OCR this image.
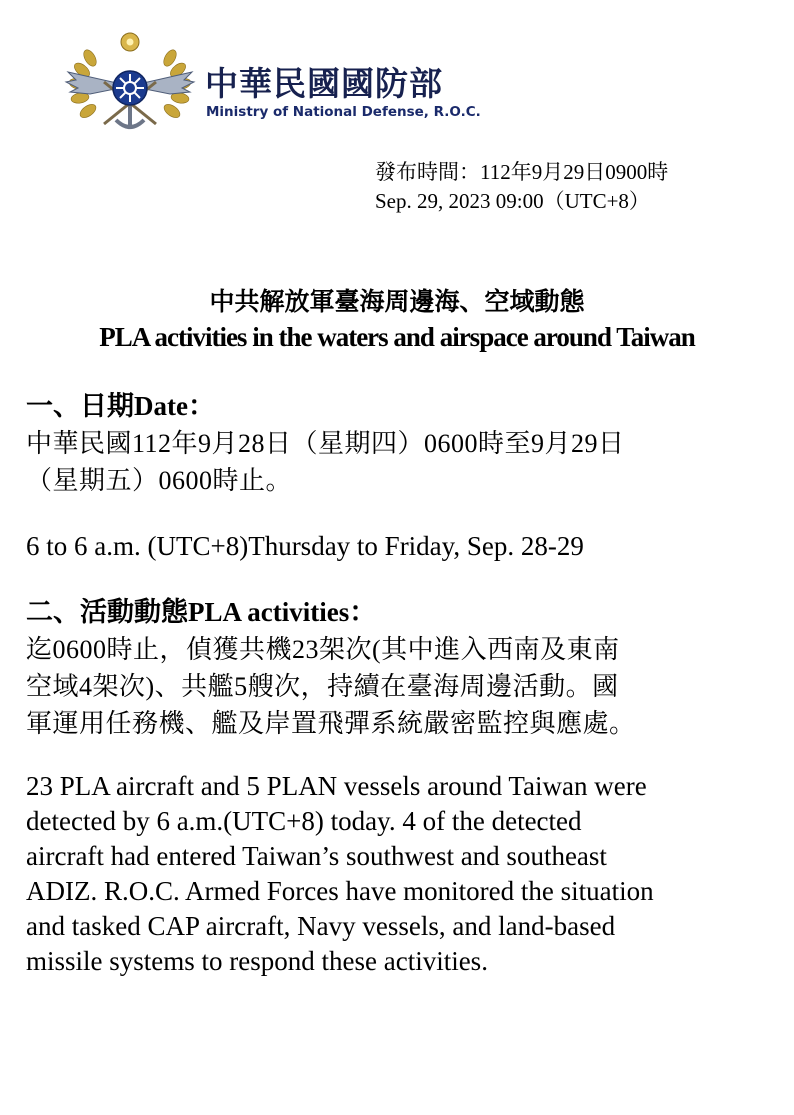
中華民國國防部
Ministry of National Defense, R.O.C.
發布時間：112年9月29日0900時
Sep. 29, 2023 09:00（UTC+8）
中共解放軍臺海周邊海、空域動態
PLA activities in the waters and airspace around Taiwan
一、日期Date：
中華民國112年9月28日（星期四）0600時至9月29日
（星期五）0600時止。
6 to 6 a.m. (UTC+8)Thursday to Friday, Sep. 28-29
二、活動動態PLA activities：
迄0600時止，偵獲共機23架次(其中進入西南及東南
空域4架次)、共艦5艘次，持續在臺海周邊活動。國
軍運用任務機、艦及岸置飛彈系統嚴密監控與應處。
23 PLA aircraft and 5 PLAN vessels around Taiwan were
detected by 6 a.m.(UTC+8) today. 4 of the detected
aircraft had entered Taiwan’s southwest and southeast
ADIZ. R.O.C. Armed Forces have monitored the situation
and tasked CAP aircraft, Navy vessels, and land-based
missile systems to respond these activities.
